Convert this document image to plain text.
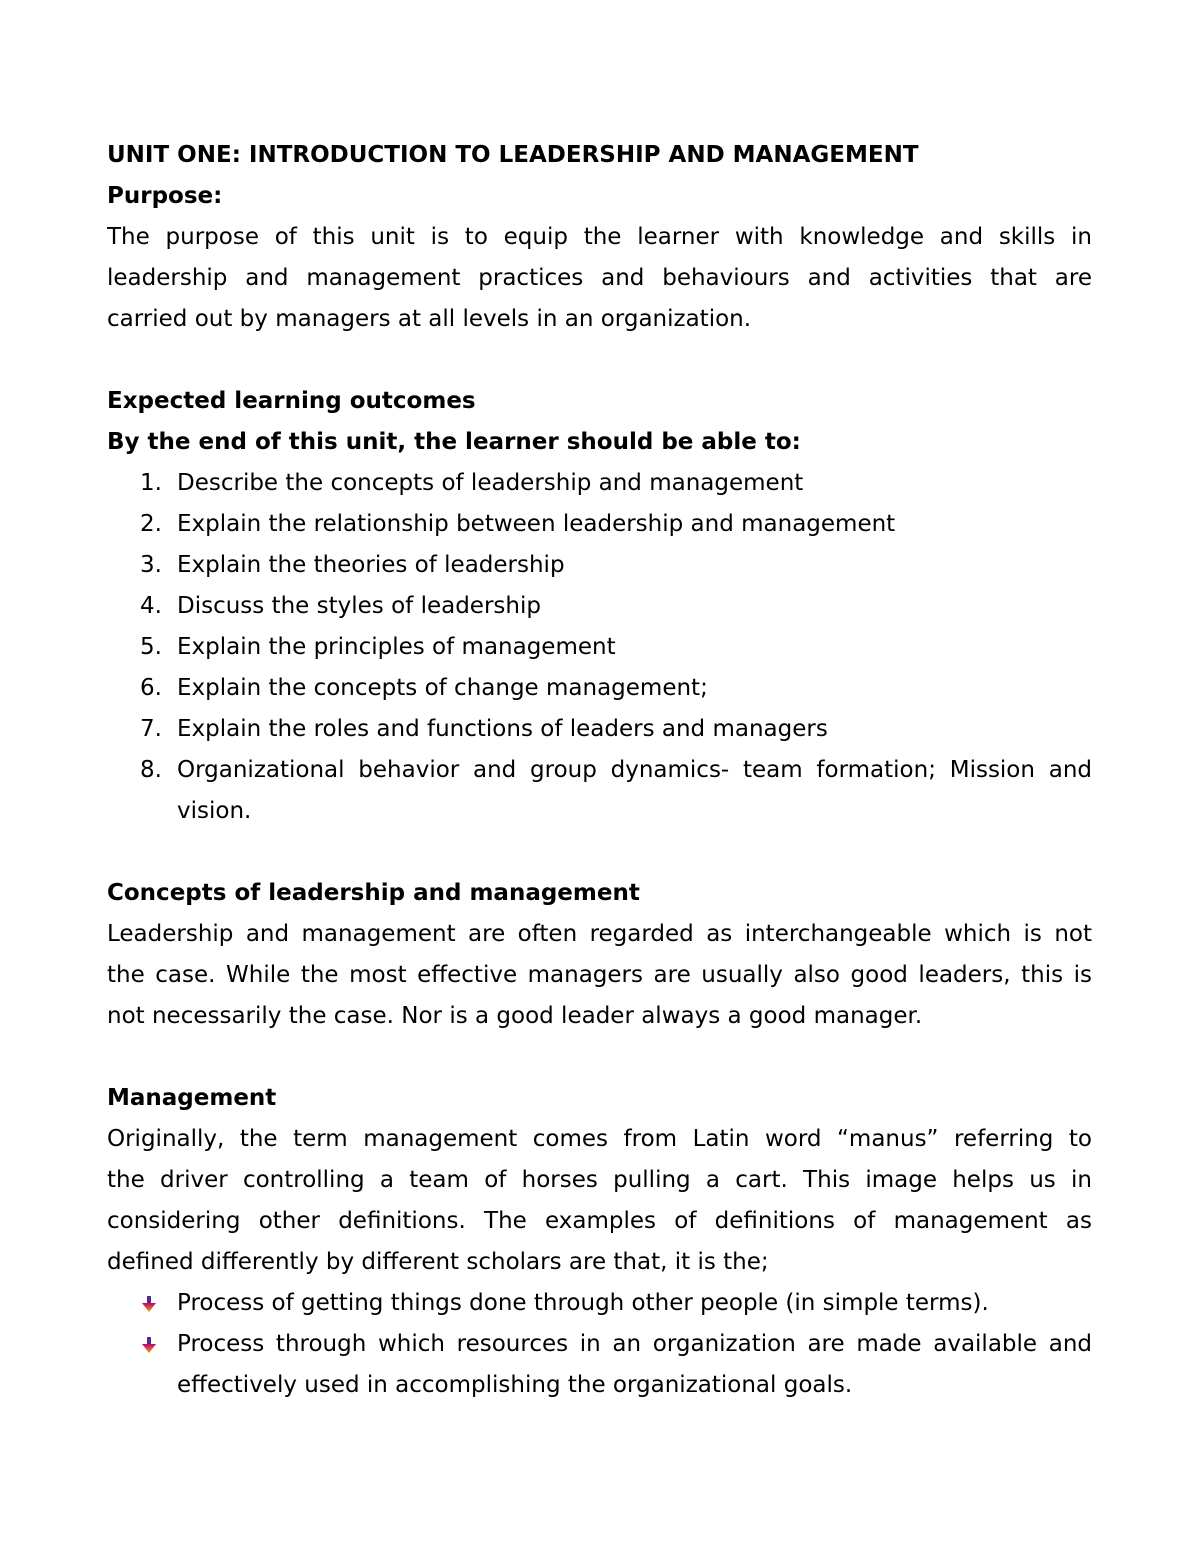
UNIT ONE: INTRODUCTION TO LEADERSHIP AND MANAGEMENT
Purpose:
The purpose of this unit is to equip the learner with knowledge and skills in
leadership and management practices and behaviours and activities that are
carried out by managers at all levels in an organization.
Expected learning outcomes
By the end of this unit, the learner should be able to:
1. Describe the concepts of leadership and management
2. Explain the relationship between leadership and management
3. Explain the theories of leadership
4. Discuss the styles of leadership
5. Explain the principles of management
6. Explain the concepts of change management;
7. Explain the roles and functions of leaders and managers
8. Organizational behavior and group dynamics- team formation; Mission and
vision.
Concepts of leadership and management
Leadership and management are often regarded as interchangeable which is not
the case. While the most effective managers are usually also good leaders, this is
not necessarily the case. Nor is a good leader always a good manager.
Management
Originally, the term management comes from Latin word “manus” referring to
the driver controlling a team of horses pulling a cart. This image helps us in
considering other definitions. The examples of definitions of management as
defined differently by different scholars are that, it is the;
Process of getting things done through other people (in simple terms).
Process through which resources in an organization are made available and
effectively used in accomplishing the organizational goals.
